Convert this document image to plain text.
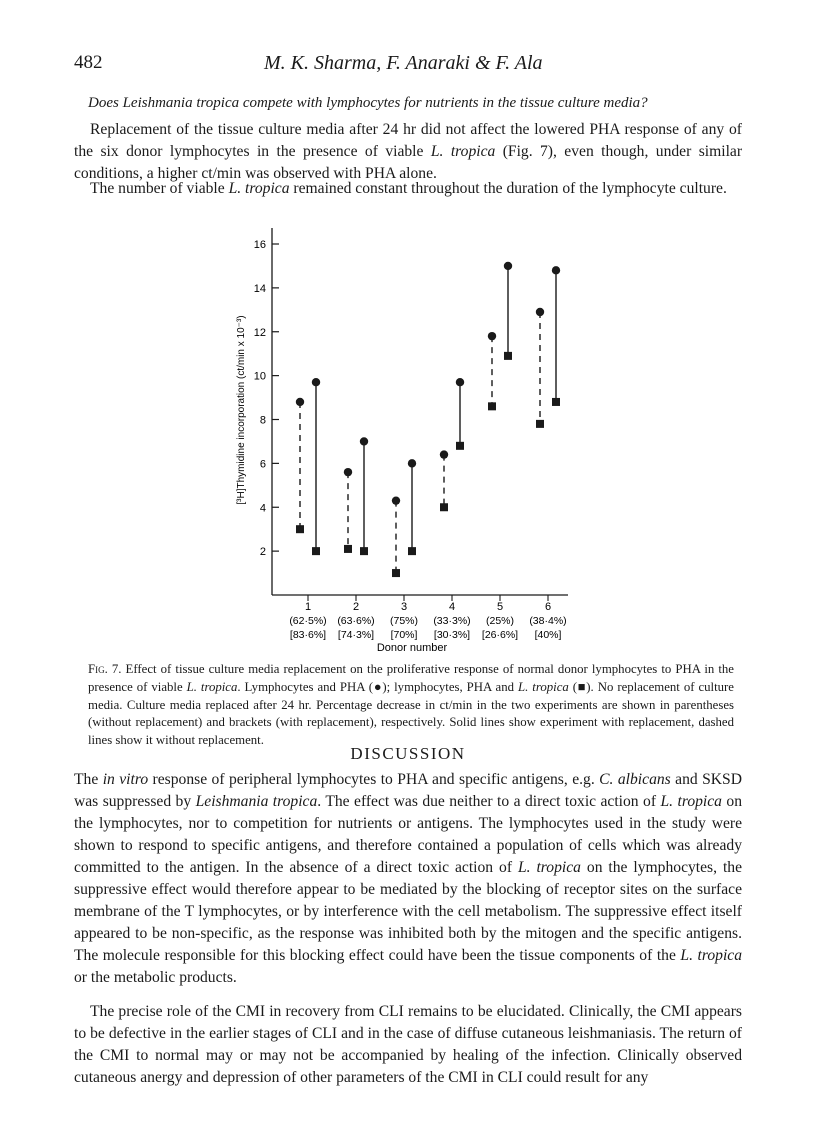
482	M. K. Sharma, F. Anaraki & F. Ala
Does Leishmania tropica compete with lymphocytes for nutrients in the tissue culture media?

Replacement of the tissue culture media after 24 hr did not affect the lowered PHA response of any of the six donor lymphocytes in the presence of viable L. tropica (Fig. 7), even though, under similar conditions, a higher ct/min was observed with PHA alone.

The number of viable L. tropica remained constant throughout the duration of the lymphocyte culture.

[³H]Thymidine incorporation (ct/min x 10⁻³)
Donor number
2
4
6
8
10
12
14
16
1
(62·5%)
[83·6%]
2
(63·6%)
[74·3%]
3
(75%)
[70%]
4
(33·3%)
[30·3%]
5
(25%)
[26·6%]
6
(38·4%)
[40%]

Fig. 7. Effect of tissue culture media replacement on the proliferative response of normal donor lymphocytes to PHA in the presence of viable L. tropica. Lymphocytes and PHA (●); lymphocytes, PHA and L. tropica (■). No replacement of culture media. Culture media replaced after 24 hr. Percentage decrease in ct/min in the two experiments are shown in parentheses (without replacement) and brackets (with replacement), respectively. Solid lines show experiment with replacement, dashed lines show it without replacement.

DISCUSSION

The in vitro response of peripheral lymphocytes to PHA and specific antigens, e.g. C. albicans and SKSD was suppressed by Leishmania tropica. The effect was due neither to a direct toxic action of L. tropica on the lymphocytes, nor to competition for nutrients or antigens. The lymphocytes used in the study were shown to respond to specific antigens, and therefore contained a population of cells which was already committed to the antigen. In the absence of a direct toxic action of L. tropica on the lymphocytes, the suppressive effect would therefore appear to be mediated by the blocking of receptor sites on the surface membrane of the T lymphocytes, or by interference with the cell metabolism. The suppressive effect itself appeared to be non-specific, as the response was inhibited both by the mitogen and the specific antigens. The molecule responsible for this blocking effect could have been the tissue components of the L. tropica or the metabolic products.

The precise role of the CMI in recovery from CLI remains to be elucidated. Clinically, the CMI appears to be defective in the earlier stages of CLI and in the case of diffuse cutaneous leishmaniasis. The return of the CMI to normal may or may not be accompanied by healing of the infection. Clinically observed cutaneous anergy and depression of other parameters of the CMI in CLI could result for any
